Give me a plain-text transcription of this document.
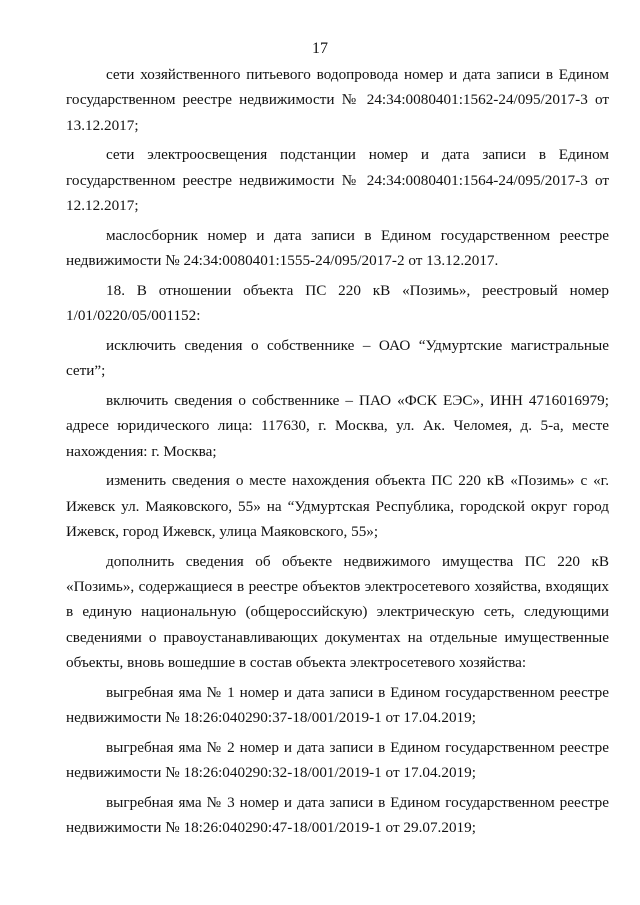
17

сети хозяйственного питьевого водопровода номер и дата записи в Едином государственном реестре недвижимости № 24:34:0080401:1562-24/095/2017-3 от 13.12.2017;

сети электроосвещения подстанции номер и дата записи в Едином государственном реестре недвижимости № 24:34:0080401:1564-24/095/2017-3 от 12.12.2017;

маслосборник номер и дата записи в Едином государственном реестре недвижимости № 24:34:0080401:1555-24/095/2017-2 от 13.12.2017.

18. В отношении объекта ПС 220 кВ «Позимь», реестровый номер 1/01/0220/05/001152:

исключить сведения о собственнике – ОАО “Удмуртские магистральные сети”;

включить сведения о собственнике – ПАО «ФСК ЕЭС», ИНН 4716016979; адресе юридического лица: 117630, г. Москва, ул. Ак. Челомея, д. 5-а, месте нахождения: г. Москва;

изменить сведения о месте нахождения объекта ПС 220 кВ «Позимь» с «г. Ижевск ул. Маяковского, 55» на “Удмуртская Республика, городской округ город Ижевск, город Ижевск, улица Маяковского, 55»;

дополнить сведения об объекте недвижимого имущества ПС 220 кВ «Позимь», содержащиеся в реестре объектов электросетевого хозяйства, входящих в единую национальную (общероссийскую) электрическую сеть, следующими сведениями о правоустанавливающих документах на отдельные имущественные объекты, вновь вошедшие в состав объекта электросетевого хозяйства:

выгребная яма № 1 номер и дата записи в Едином государственном реестре недвижимости № 18:26:040290:37-18/001/2019-1 от 17.04.2019;

выгребная яма № 2 номер и дата записи в Едином государственном реестре недвижимости № 18:26:040290:32-18/001/2019-1 от 17.04.2019;

выгребная яма № 3 номер и дата записи в Едином государственном реестре недвижимости № 18:26:040290:47-18/001/2019-1 от 29.07.2019;
